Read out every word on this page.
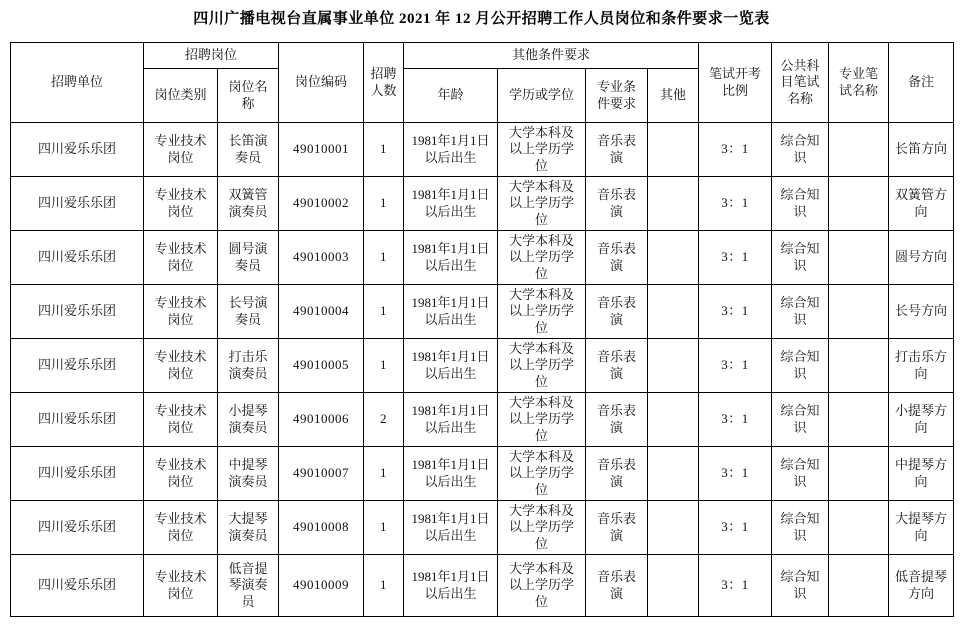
四川广播电视台直属事业单位 2021 年 12 月公开招聘工作人员岗位和条件要求一览表
招聘单位	招聘岗位		岗位编码	招聘人数	其他条件要求				笔试开考比例	公共科目笔试名称	专业笔试名称	备注
	岗位类别	岗位名称			年龄	学历或学位	专业条件要求	其他				
四川爱乐乐团	专业技术岗位	长笛演奏员	49010001	1	1981年1月1日以后出生	大学本科及以上学历学位	音乐表演		3：1	综合知识		长笛方向
四川爱乐乐团	专业技术岗位	双簧管演奏员	49010002	1	1981年1月1日以后出生	大学本科及以上学历学位	音乐表演		3：1	综合知识		双簧管方向
四川爱乐乐团	专业技术岗位	圆号演奏员	49010003	1	1981年1月1日以后出生	大学本科及以上学历学位	音乐表演		3：1	综合知识		圆号方向
四川爱乐乐团	专业技术岗位	长号演奏员	49010004	1	1981年1月1日以后出生	大学本科及以上学历学位	音乐表演		3：1	综合知识		长号方向
四川爱乐乐团	专业技术岗位	打击乐演奏员	49010005	1	1981年1月1日以后出生	大学本科及以上学历学位	音乐表演		3：1	综合知识		打击乐方向
四川爱乐乐团	专业技术岗位	小提琴演奏员	49010006	2	1981年1月1日以后出生	大学本科及以上学历学位	音乐表演		3：1	综合知识		小提琴方向
四川爱乐乐团	专业技术岗位	中提琴演奏员	49010007	1	1981年1月1日以后出生	大学本科及以上学历学位	音乐表演		3：1	综合知识		中提琴方向
四川爱乐乐团	专业技术岗位	大提琴演奏员	49010008	1	1981年1月1日以后出生	大学本科及以上学历学位	音乐表演		3：1	综合知识		大提琴方向
四川爱乐乐团	专业技术岗位	低音提琴演奏员	49010009	1	1981年1月1日以后出生	大学本科及以上学历学位	音乐表演		3：1	综合知识		低音提琴方向
